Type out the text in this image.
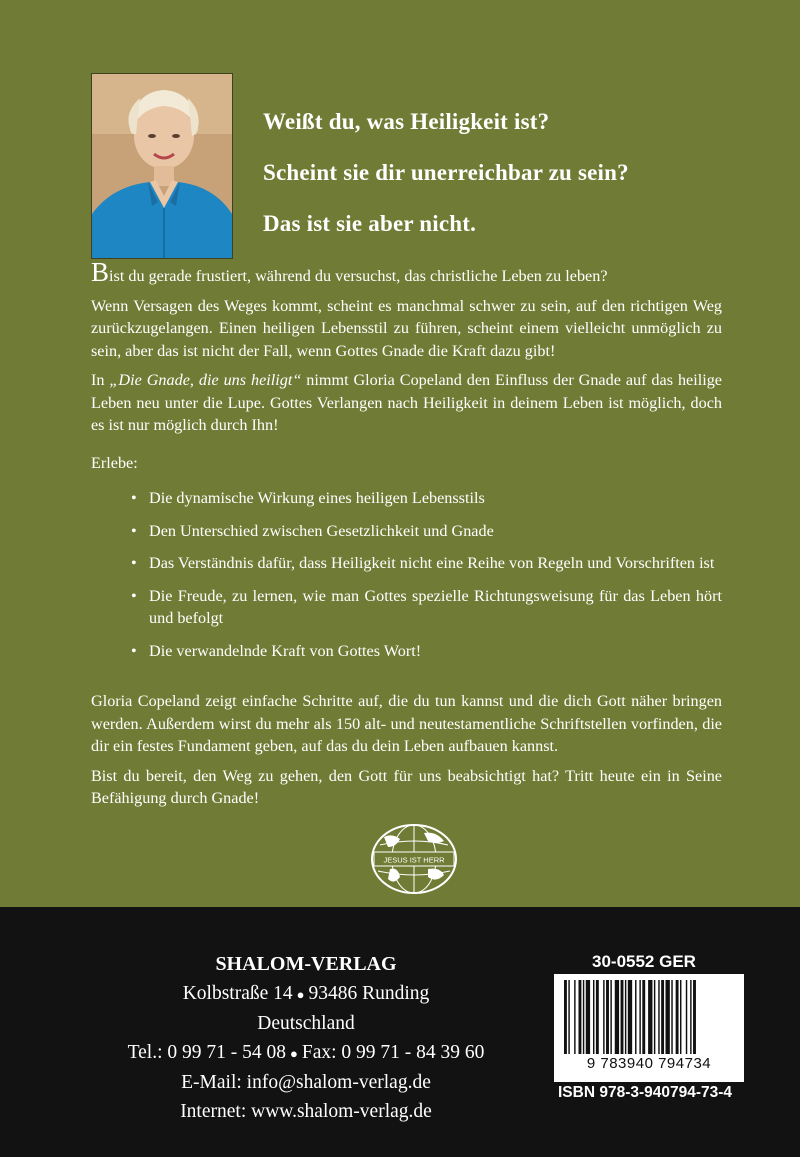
Weißt du, was Heiligkeit ist?

Scheint sie dir unerreichbar zu sein?

Das ist sie aber nicht.

Bist du gerade frustiert, während du versuchst, das christliche Leben zu leben?

Wenn Versagen des Weges kommt, scheint es manchmal schwer zu sein, auf den richtigen Weg zurückzugelangen. Einen heiligen Lebensstil zu führen, scheint einem vielleicht unmöglich zu sein, aber das ist nicht der Fall, wenn Gottes Gnade die Kraft dazu gibt!

In „Die Gnade, die uns heiligt“ nimmt Gloria Copeland den Einfluss der Gnade auf das heilige Leben neu unter die Lupe. Gottes Verlangen nach Heiligkeit in deinem Leben ist möglich, doch es ist nur möglich durch Ihn!

Erlebe:

• Die dynamische Wirkung eines heiligen Lebensstils
• Den Unterschied zwischen Gesetzlichkeit und Gnade
• Das Verständnis dafür, dass Heiligkeit nicht eine Reihe von Regeln und Vorschriften ist
• Die Freude, zu lernen, wie man Gottes spezielle Richtungsweisung für das Leben hört und befolgt
• Die verwandelnde Kraft von Gottes Wort!

Gloria Copeland zeigt einfache Schritte auf, die du tun kannst und die dich Gott näher bringen werden. Außerdem wirst du mehr als 150 alt- und neutestamentliche Schriftstellen vorfinden, die dir ein festes Fundament geben, auf das du dein Leben aufbauen kannst.

Bist du bereit, den Weg zu gehen, den Gott für uns beabsichtigt hat? Tritt heute ein in Seine Befähigung durch Gnade!

JESUS IST HERR
SHALOM-VERLAG
Kolbstraße 14 ● 93486 Runding
Deutschland
Tel.: 0 99 71 - 54 08 ● Fax: 0 99 71 - 84 39 60
E-Mail: info@shalom-verlag.de
Internet: www.shalom-verlag.de
30-0552 GER
9 783940 794734
ISBN 978-3-940794-73-4
